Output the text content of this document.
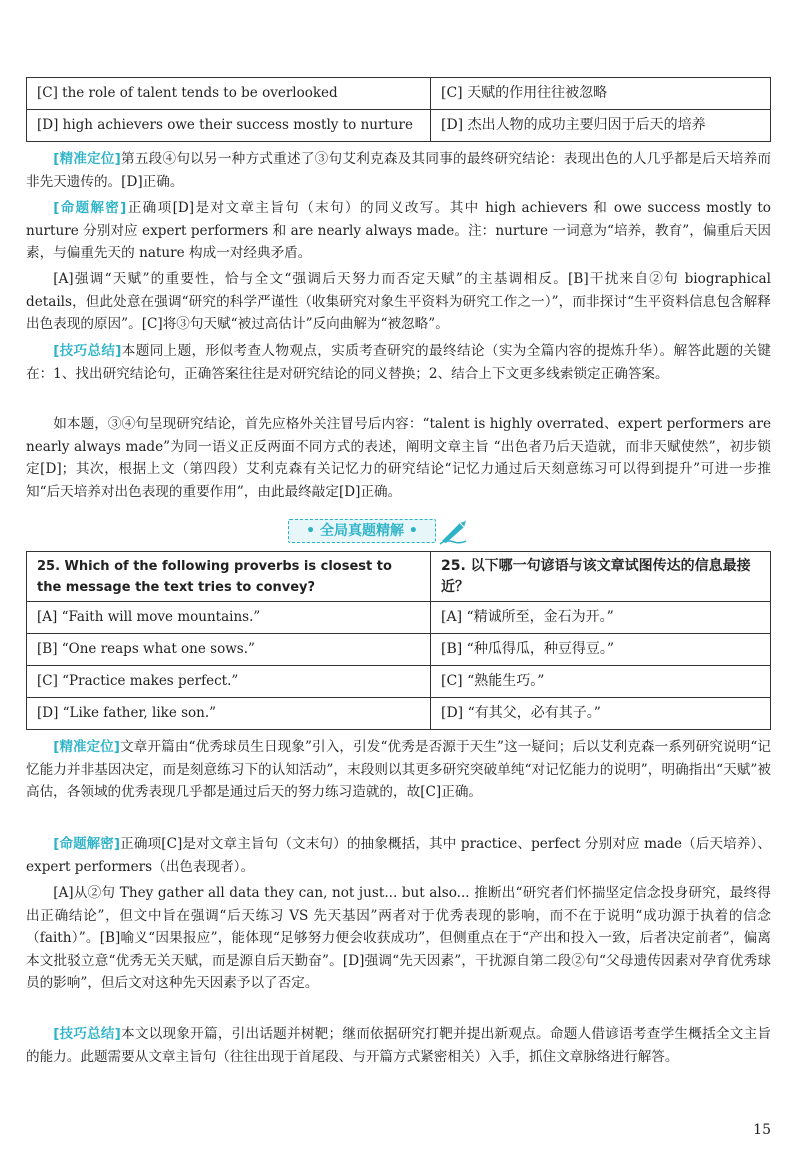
[C] the role of talent tends to be overlooked	[C] 天赋的作用往往被忽略
[D] high achievers owe their success mostly to nurture	[D] 杰出人物的成功主要归因于后天的培养
[精准定位]第五段④句以另一种方式重述了③句艾利克森及其同事的最终研究结论：表现出色的人几乎都是后天培养而非先天遗传的。[D]正确。
[命题解密]正确项[D]是对文章主旨句（末句）的同义改写。其中 high achievers 和 owe success mostly to nurture 分别对应 expert performers 和 are nearly always made。注：nurture 一词意为“培养，教育”，偏重后天因素，与偏重先天的 nature 构成一对经典矛盾。
[A]强调“天赋”的重要性，恰与全文“强调后天努力而否定天赋”的主基调相反。[B]干扰来自②句 biographical details，但此处意在强调“研究的科学严谨性（收集研究对象生平资料为研究工作之一）”，而非探讨“生平资料信息包含解释出色表现的原因”。[C]将③句天赋“被过高估计”反向曲解为“被忽略”。
[技巧总结]本题同上题，形似考查人物观点，实质考查研究的最终结论（实为全篇内容的提炼升华）。解答此题的关键在：1、找出研究结论句，正确答案往往是对研究结论的同义替换；2、结合上下文更多线索锁定正确答案。
如本题，③④句呈现研究结论，首先应格外关注冒号后内容：“talent is highly overrated、expert performers are nearly always made”为同一语义正反两面不同方式的表述，阐明文章主旨 “出色者乃后天造就，而非天赋使然”，初步锁定[D]；其次，根据上文（第四段）艾利克森有关记忆力的研究结论“记忆力通过后天刻意练习可以得到提升”可进一步推知“后天培养对出色表现的重要作用”，由此最终敲定[D]正确。
• 全局真题精解 •
25. Which of the following proverbs is closest to the message the text tries to convey?	25. 以下哪一句谚语与该文章试图传达的信息最接近？
[A] “Faith will move mountains.”	[A] “精诚所至，金石为开。”
[B] “One reaps what one sows.”	[B] “种瓜得瓜，种豆得豆。”
[C] “Practice makes perfect.”	[C] “熟能生巧。”
[D] “Like father, like son.”	[D] “有其父，必有其子。”
[精准定位]文章开篇由“优秀球员生日现象”引入，引发“优秀是否源于天生”这一疑问；后以艾利克森一系列研究说明“记忆能力并非基因决定，而是刻意练习下的认知活动”，末段则以其更多研究突破单纯“对记忆能力的说明”，明确指出“天赋”被高估，各领域的优秀表现几乎都是通过后天的努力练习造就的，故[C]正确。
[命题解密]正确项[C]是对文章主旨句（文末句）的抽象概括，其中 practice、perfect 分别对应 made（后天培养）、expert performers（出色表现者）。
[A]从②句 They gather all data they can, not just... but also... 推断出“研究者们怀揣坚定信念投身研究，最终得出正确结论”，但文中旨在强调“后天练习 VS 先天基因”两者对于优秀表现的影响，而不在于说明“成功源于执着的信念（faith）”。[B]喻义“因果报应”，能体现“足够努力便会收获成功”，但侧重点在于“产出和投入一致，后者决定前者”，偏离本文批驳立意“优秀无关天赋，而是源自后天勤奋”。[D]强调“先天因素”，干扰源自第二段②句“父母遗传因素对孕育优秀球员的影响”，但后文对这种先天因素予以了否定。
[技巧总结]本文以现象开篇，引出话题并树靶；继而依据研究打靶并提出新观点。命题人借谚语考查学生概括全文主旨的能力。此题需要从文章主旨句（往往出现于首尾段、与开篇方式紧密相关）入手，抓住文章脉络进行解答。
15
